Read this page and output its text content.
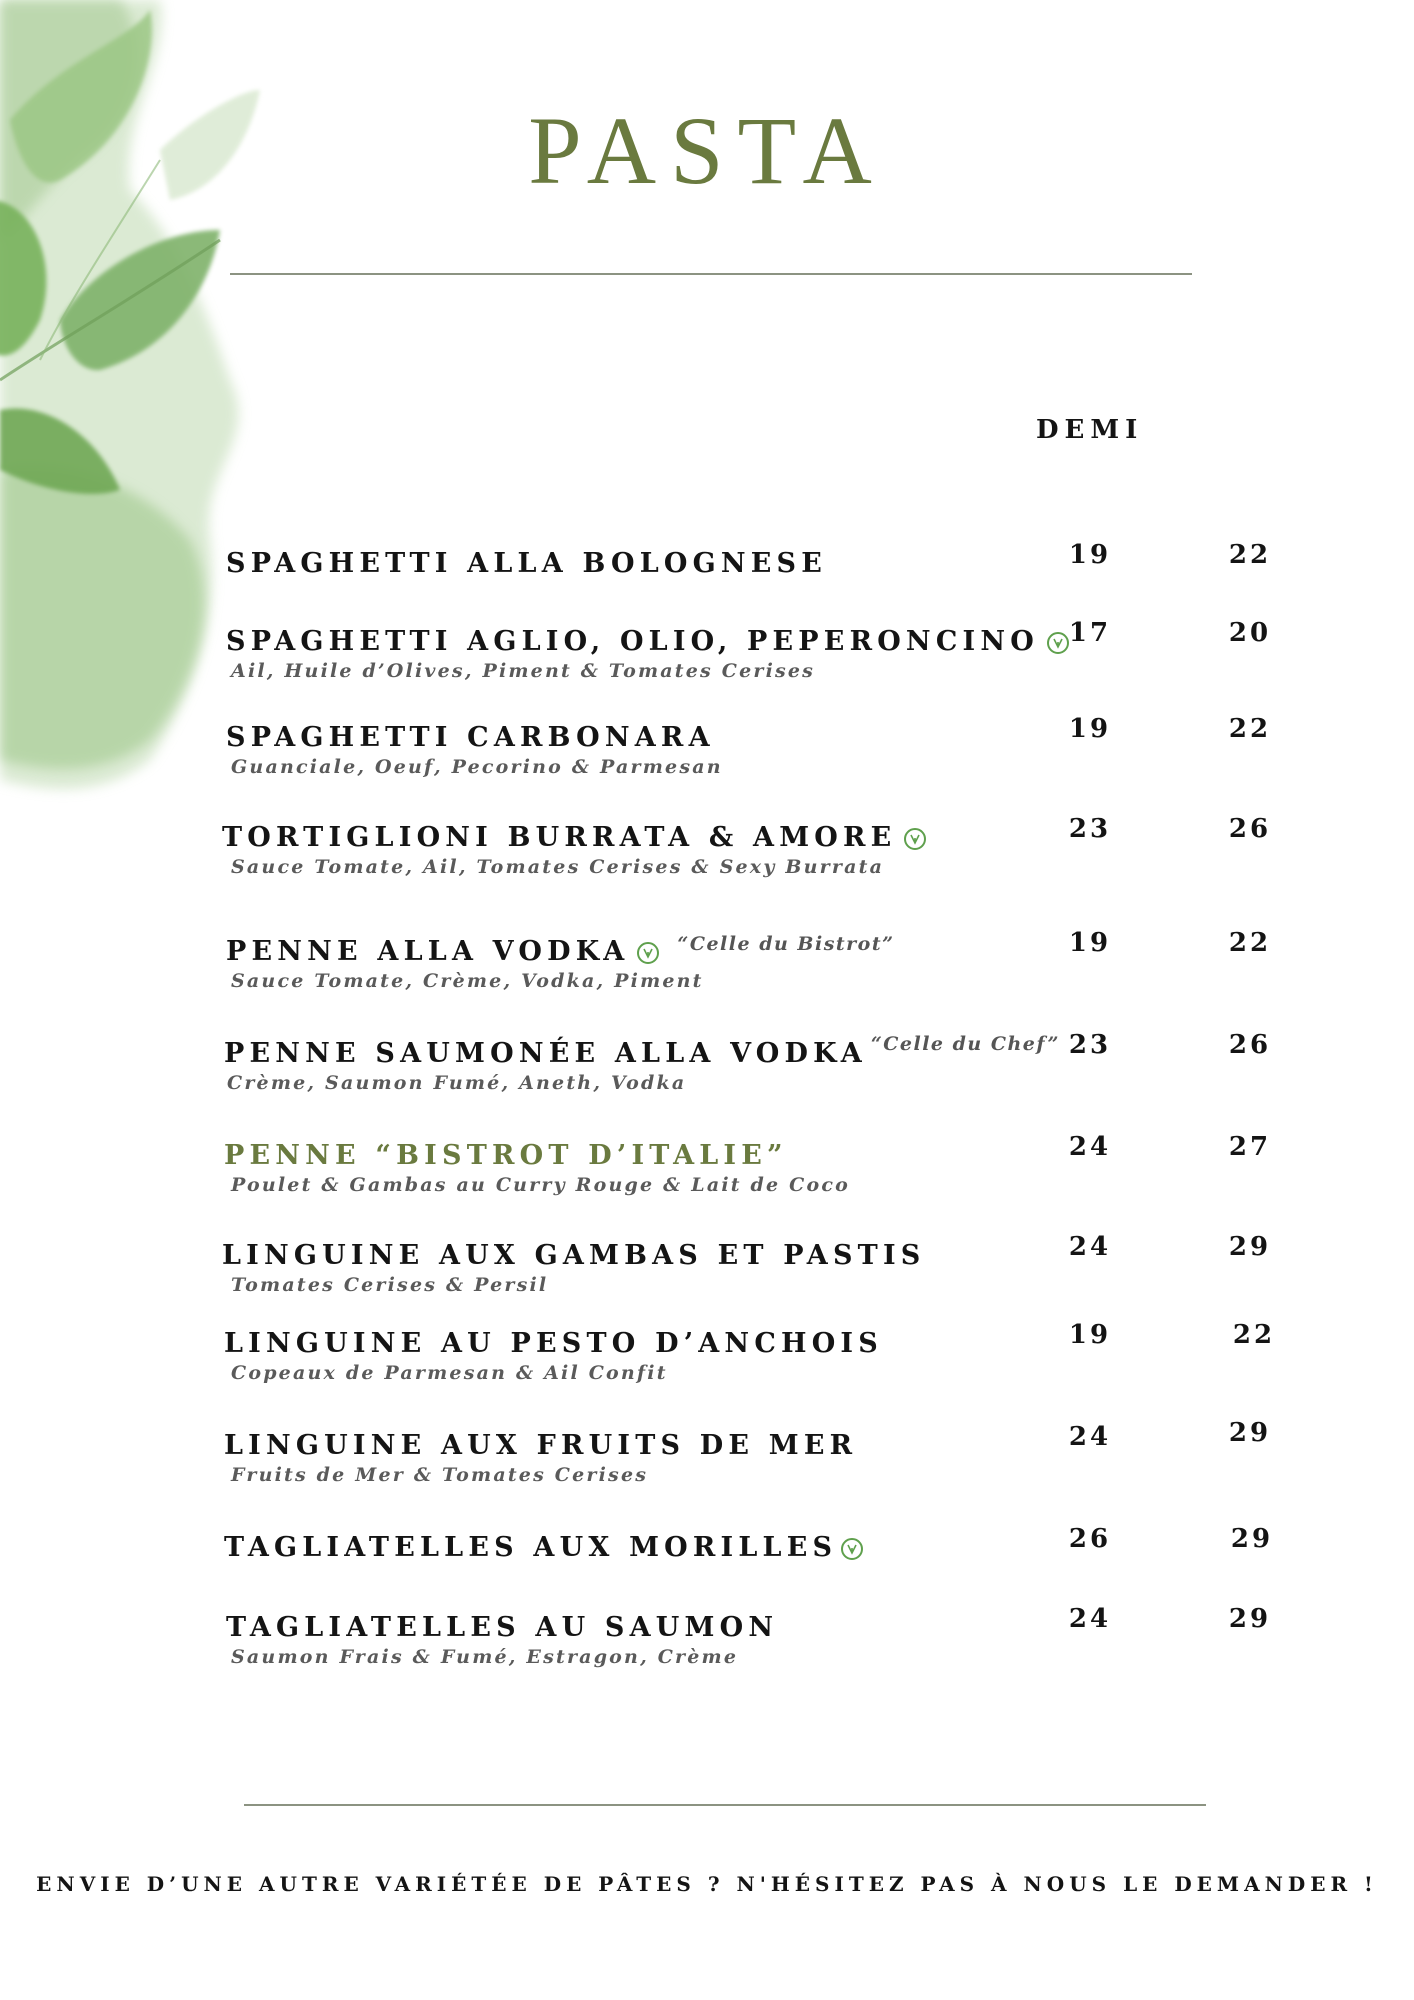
PASTA
DEMI
SPAGHETTI ALLA BOLOGNESE	19	22
SPAGHETTI AGLIO, OLIO, PEPERONCINO
Ail, Huile d’Olives, Piment & Tomates Cerises
17	20
SPAGHETTI CARBONARA
Guanciale, Oeuf, Pecorino & Parmesan
19	22
TORTIGLIONI BURRATA & AMORE
Sauce Tomate, Ail, Tomates Cerises & Sexy Burrata
23	26
PENNE ALLA VODKA	“Celle du Bistrot”
Sauce Tomate, Crème, Vodka, Piment
19	22
PENNE SAUMONÉE ALLA VODKA “Celle du Chef”
Crème, Saumon Fumé, Aneth, Vodka
23	26
PENNE “BISTROT D’ITALIE”
Poulet & Gambas au Curry Rouge & Lait de Coco
24	27
LINGUINE AUX GAMBAS ET PASTIS
Tomates Cerises & Persil
24	29
LINGUINE AU PESTO D’ANCHOIS
Copeaux de Parmesan & Ail Confit
19	22
LINGUINE AUX FRUITS DE MER
Fruits de Mer & Tomates Cerises
24	29
TAGLIATELLES AUX MORILLES	26	29
TAGLIATELLES AU SAUMON
Saumon Frais & Fumé, Estragon, Crème
24	29
ENVIE D’UNE AUTRE VARIÉTÉE DE PÂTES ? N'HÉSITEZ PAS À NOUS LE DEMANDER !
